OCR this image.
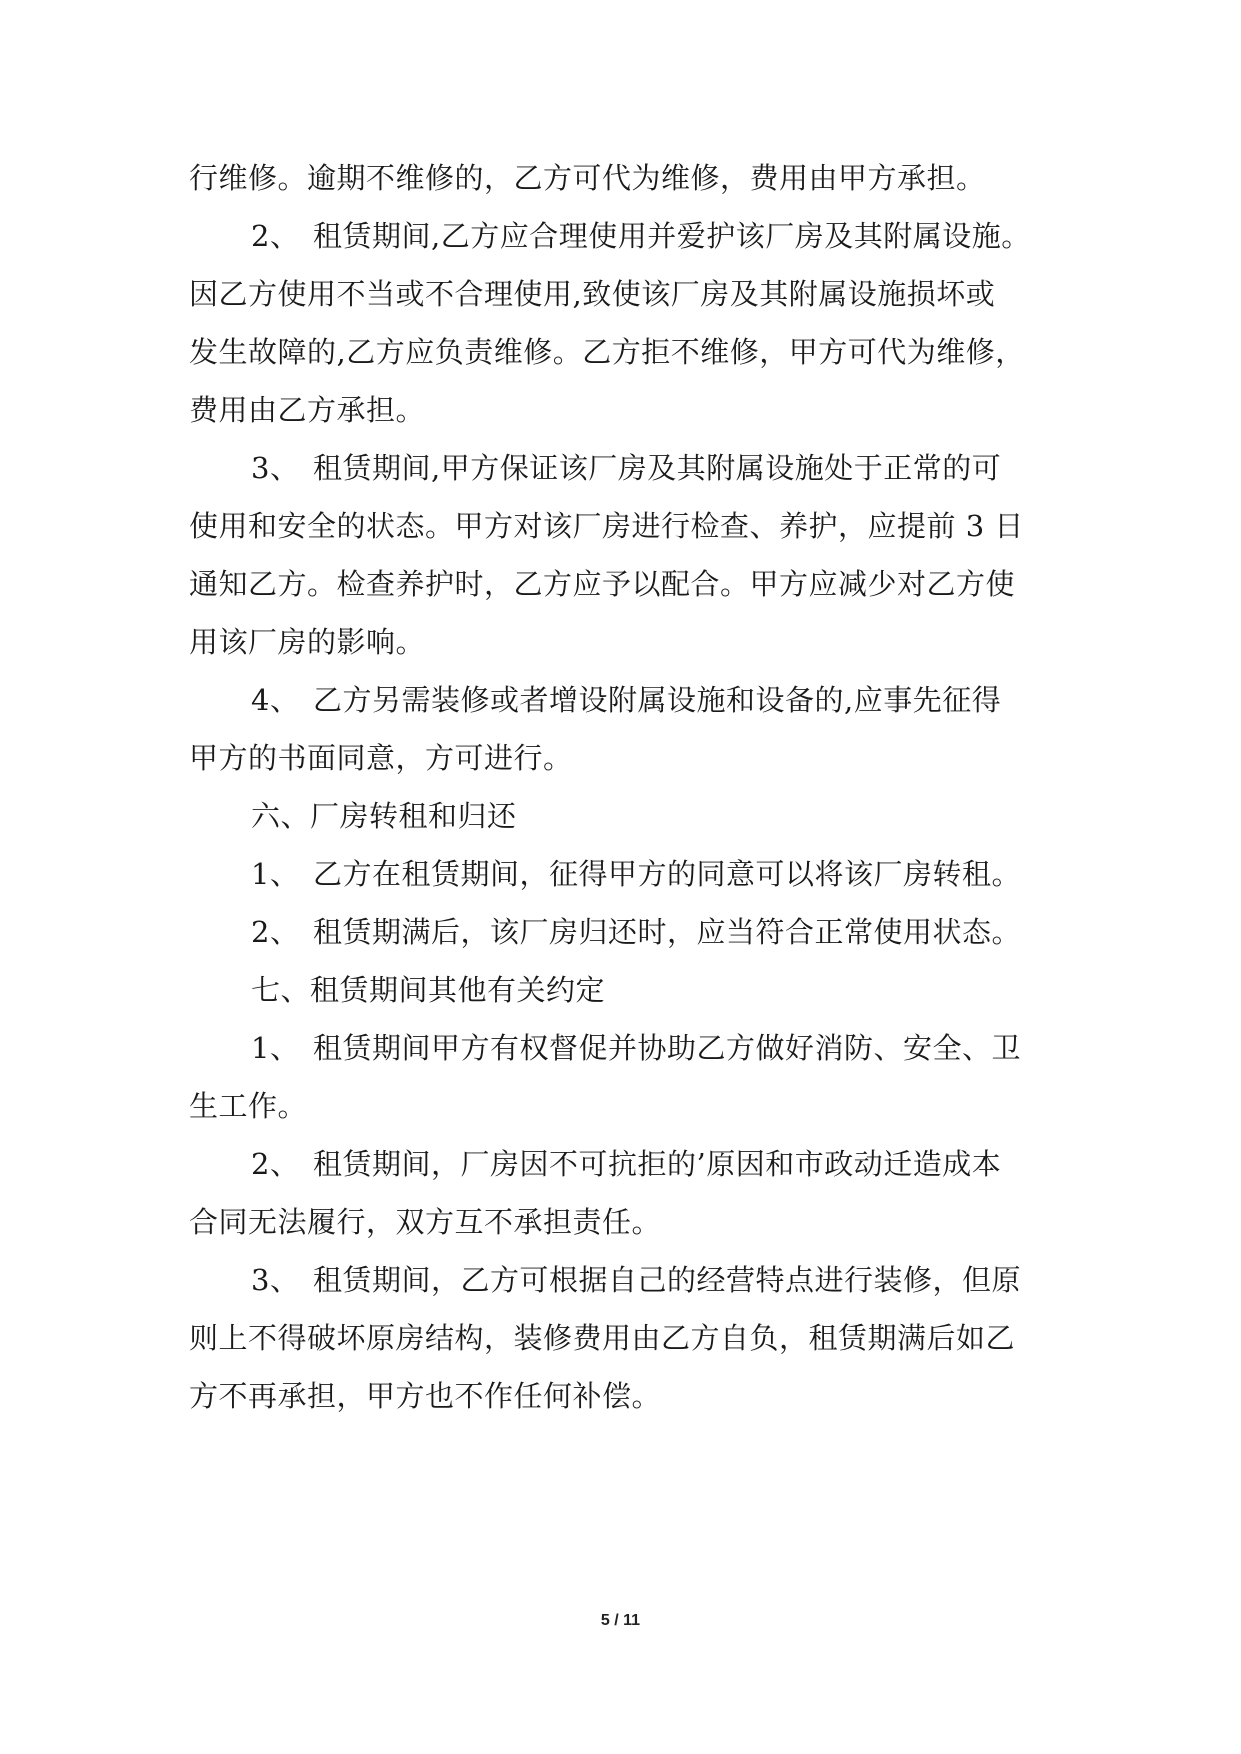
行维修。逾期不维修的，乙方可代为维修，费用由甲方承担。
2、 租赁期间,乙方应合理使用并爱护该厂房及其附属设施。
因乙方使用不当或不合理使用,致使该厂房及其附属设施损坏或
发生故障的,乙方应负责维修。乙方拒不维修，甲方可代为维修，
费用由乙方承担。
3、 租赁期间,甲方保证该厂房及其附属设施处于正常的可
使用和安全的状态。甲方对该厂房进行检查、养护，应提前 3 日
通知乙方。检查养护时，乙方应予以配合。甲方应减少对乙方使
用该厂房的影响。
4、 乙方另需装修或者增设附属设施和设备的,应事先征得
甲方的书面同意，方可进行。
六、厂房转租和归还
1、 乙方在租赁期间，征得甲方的同意可以将该厂房转租。
2、 租赁期满后，该厂房归还时，应当符合正常使用状态。
七、租赁期间其他有关约定
1、 租赁期间甲方有权督促并协助乙方做好消防、安全、卫
生工作。
2、 租赁期间，厂房因不可抗拒的’原因和市政动迁造成本
合同无法履行，双方互不承担责任。
3、 租赁期间，乙方可根据自己的经营特点进行装修，但原
则上不得破坏原房结构，装修费用由乙方自负，租赁期满后如乙
方不再承担，甲方也不作任何补偿。
5 / 11
